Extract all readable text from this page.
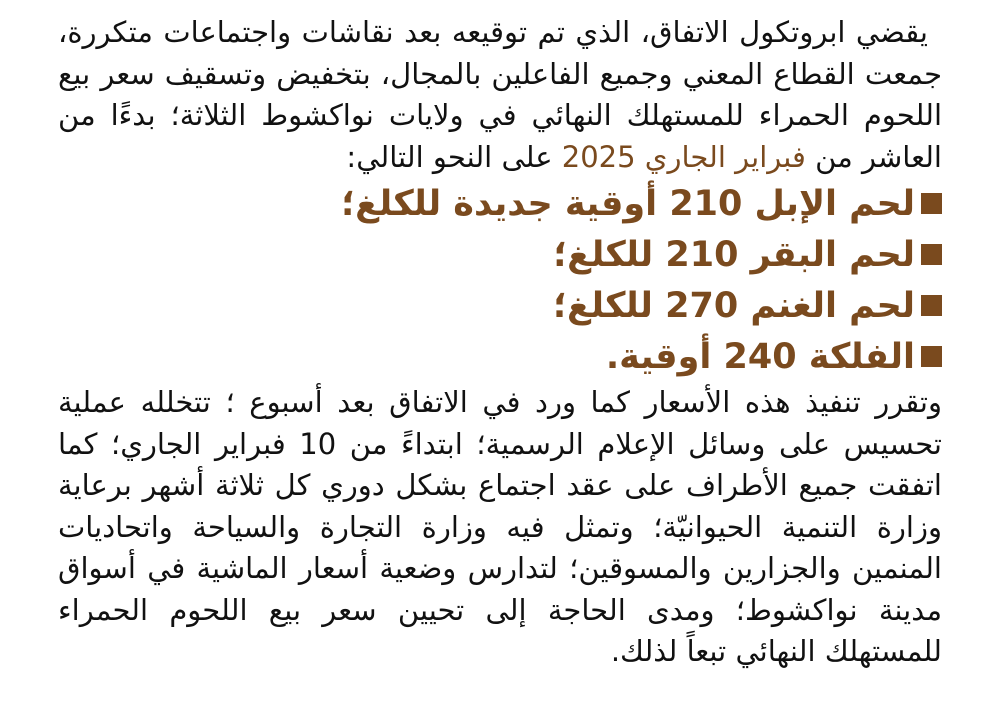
يقضي ابروتكول الاتفاق، الذي تم توقيعه بعد نقاشات واجتماعات متكررة، جمعت القطاع المعني وجميع الفاعلين بالمجال، بتخفيض وتسقيف سعر بيع اللحوم الحمراء للمستهلك النهائي في ولايات نواكشوط الثلاثة؛ بدءًا من العاشر من فبراير الجاري 2025 على النحو التالي:

لحم الإبل 210 أوقية جديدة للكلغ؛
لحم البقر 210 للكلغ؛
لحم الغنم 270 للكلغ؛
الفلكة 240 أوقية.

وتقرر تنفيذ هذه الأسعار كما ورد في الاتفاق بعد أسبوع ؛ تتخلله عملية تحسيس على وسائل الإعلام الرسمية؛ ابتداءً من 10 فبراير الجاري؛ كما اتفقت جميع الأطراف على عقد اجتماع بشكل دوري كل ثلاثة أشهر برعاية وزارة التنمية الحيوانيّة؛ وتمثل فيه وزارة التجارة والسياحة واتحاديات المنمين والجزارين والمسوقين؛ لتدارس وضعية أسعار الماشية في أسواق مدينة نواكشوط؛ ومدى الحاجة إلى تحيين سعر بيع اللحوم الحمراء للمستهلك النهائي تبعاً لذلك.
